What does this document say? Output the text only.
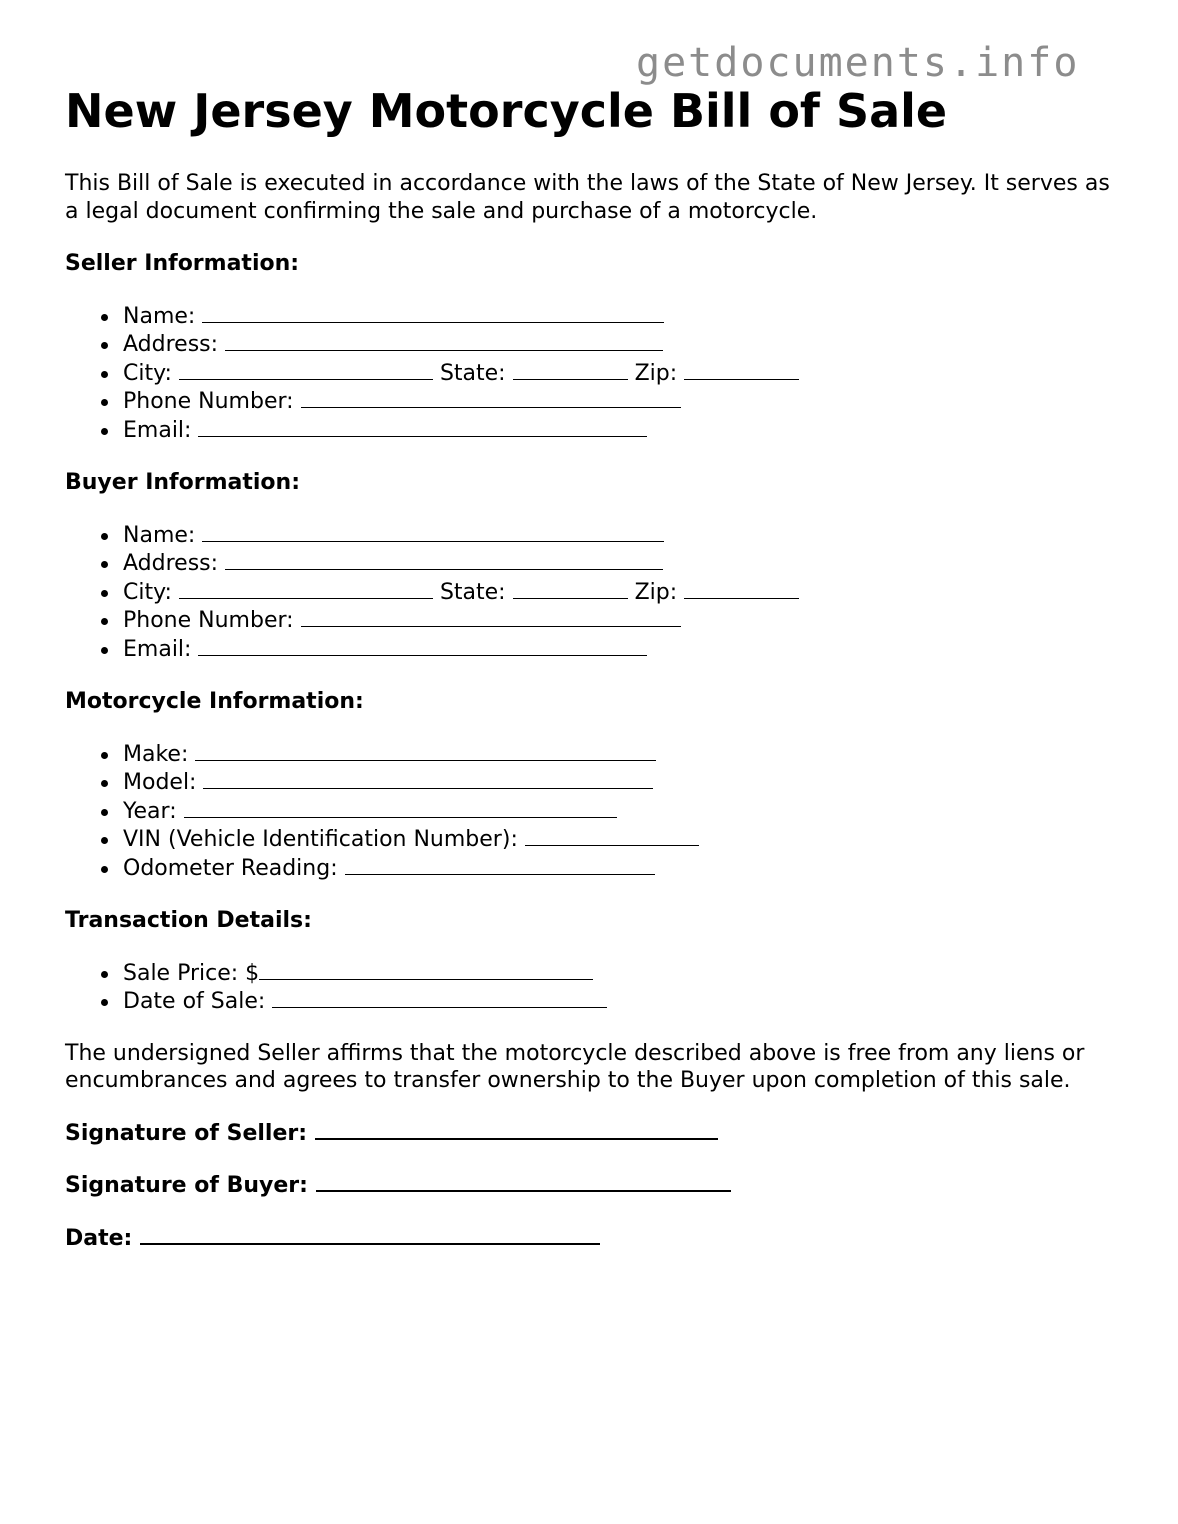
getdocuments.info
New Jersey Motorcycle Bill of Sale

This Bill of Sale is executed in accordance with the laws of the State of New Jersey. It serves as a legal document confirming the sale and purchase of a motorcycle.

Seller Information:

Name:
Address:
City:	State:	Zip:
Phone Number:
Email:

Buyer Information:

Name:
Address:
City:	State:	Zip:
Phone Number:
Email:

Motorcycle Information:

Make:
Model:
Year:
VIN (Vehicle Identification Number):
Odometer Reading:

Transaction Details:

Sale Price: $
Date of Sale:

The undersigned Seller affirms that the motorcycle described above is free from any liens or encumbrances and agrees to transfer ownership to the Buyer upon completion of this sale.

Signature of Seller:

Signature of Buyer:

Date:
